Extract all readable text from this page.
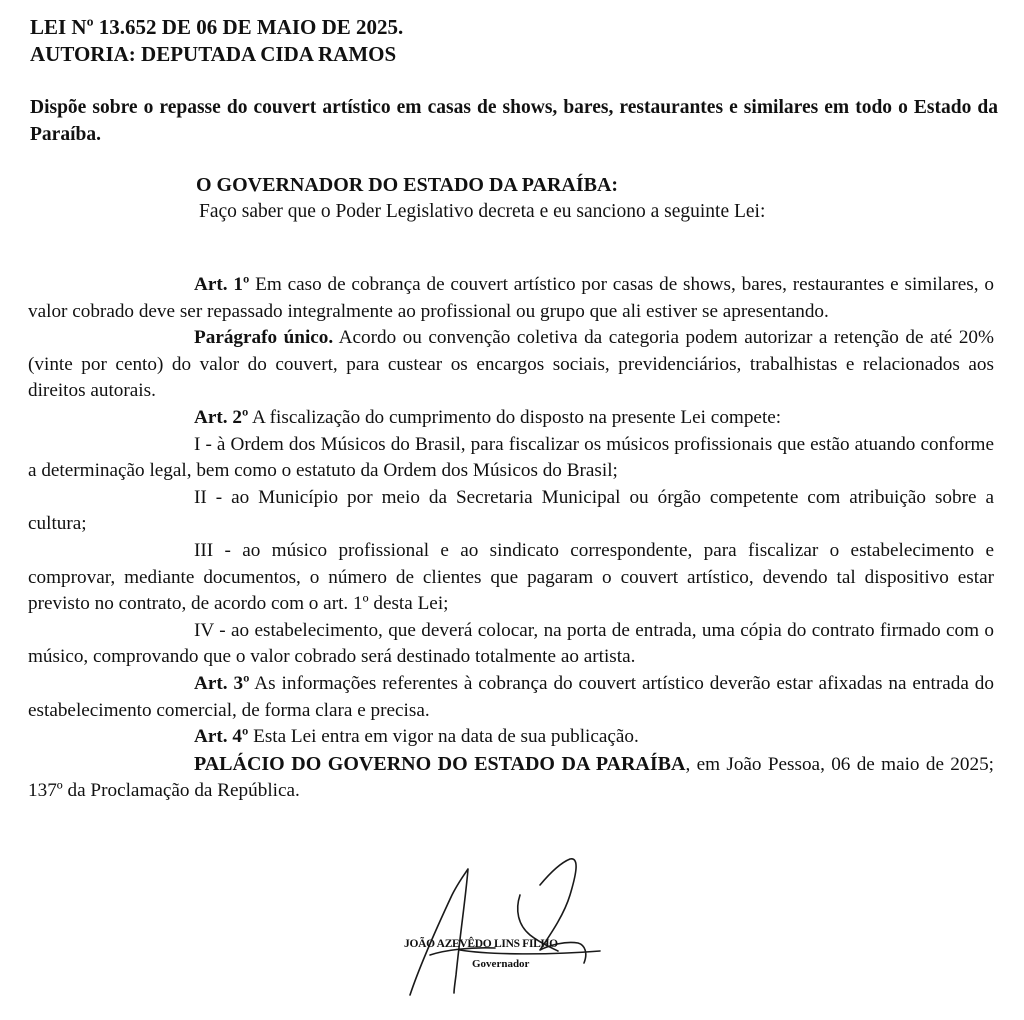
LEI Nº 13.652 DE 06 DE MAIO DE 2025.
AUTORIA: DEPUTADA CIDA RAMOS
Dispõe sobre o repasse do couvert artístico em casas de shows, bares, restaurantes e similares em todo o Estado da Paraíba.
O GOVERNADOR DO ESTADO DA PARAÍBA:
Faço saber que o Poder Legislativo decreta e eu sanciono a seguinte Lei:

Art. 1º Em caso de cobrança de couvert artístico por casas de shows, bares, restaurantes e similares, o valor cobrado deve ser repassado integralmente ao profissional ou grupo que ali estiver se apresentando.

Parágrafo único. Acordo ou convenção coletiva da categoria podem autorizar a retenção de até 20% (vinte por cento) do valor do couvert, para custear os encargos sociais, previdenciários, trabalhistas e relacionados aos direitos autorais.

Art. 2º A fiscalização do cumprimento do disposto na presente Lei compete:

I - à Ordem dos Músicos do Brasil, para fiscalizar os músicos profissionais que estão atuando conforme a determinação legal, bem como o estatuto da Ordem dos Músicos do Brasil;

II - ao Município por meio da Secretaria Municipal ou órgão competente com atribuição sobre a cultura;

III - ao músico profissional e ao sindicato correspondente, para fiscalizar o estabelecimento e comprovar, mediante documentos, o número de clientes que pagaram o couvert artístico, devendo tal dispositivo estar previsto no contrato, de acordo com o art. 1º desta Lei;

IV - ao estabelecimento, que deverá colocar, na porta de entrada, uma cópia do contrato firmado com o músico, comprovando que o valor cobrado será destinado totalmente ao artista.

Art. 3º As informações referentes à cobrança do couvert artístico deverão estar afixadas na entrada do estabelecimento comercial, de forma clara e precisa.

Art. 4º Esta Lei entra em vigor na data de sua publicação.

PALÁCIO DO GOVERNO DO ESTADO DA PARAÍBA, em João Pessoa, 06 de maio de 2025; 137º da Proclamação da República.

JOÃO AZEVÊDO LINS FILHO
Governador
